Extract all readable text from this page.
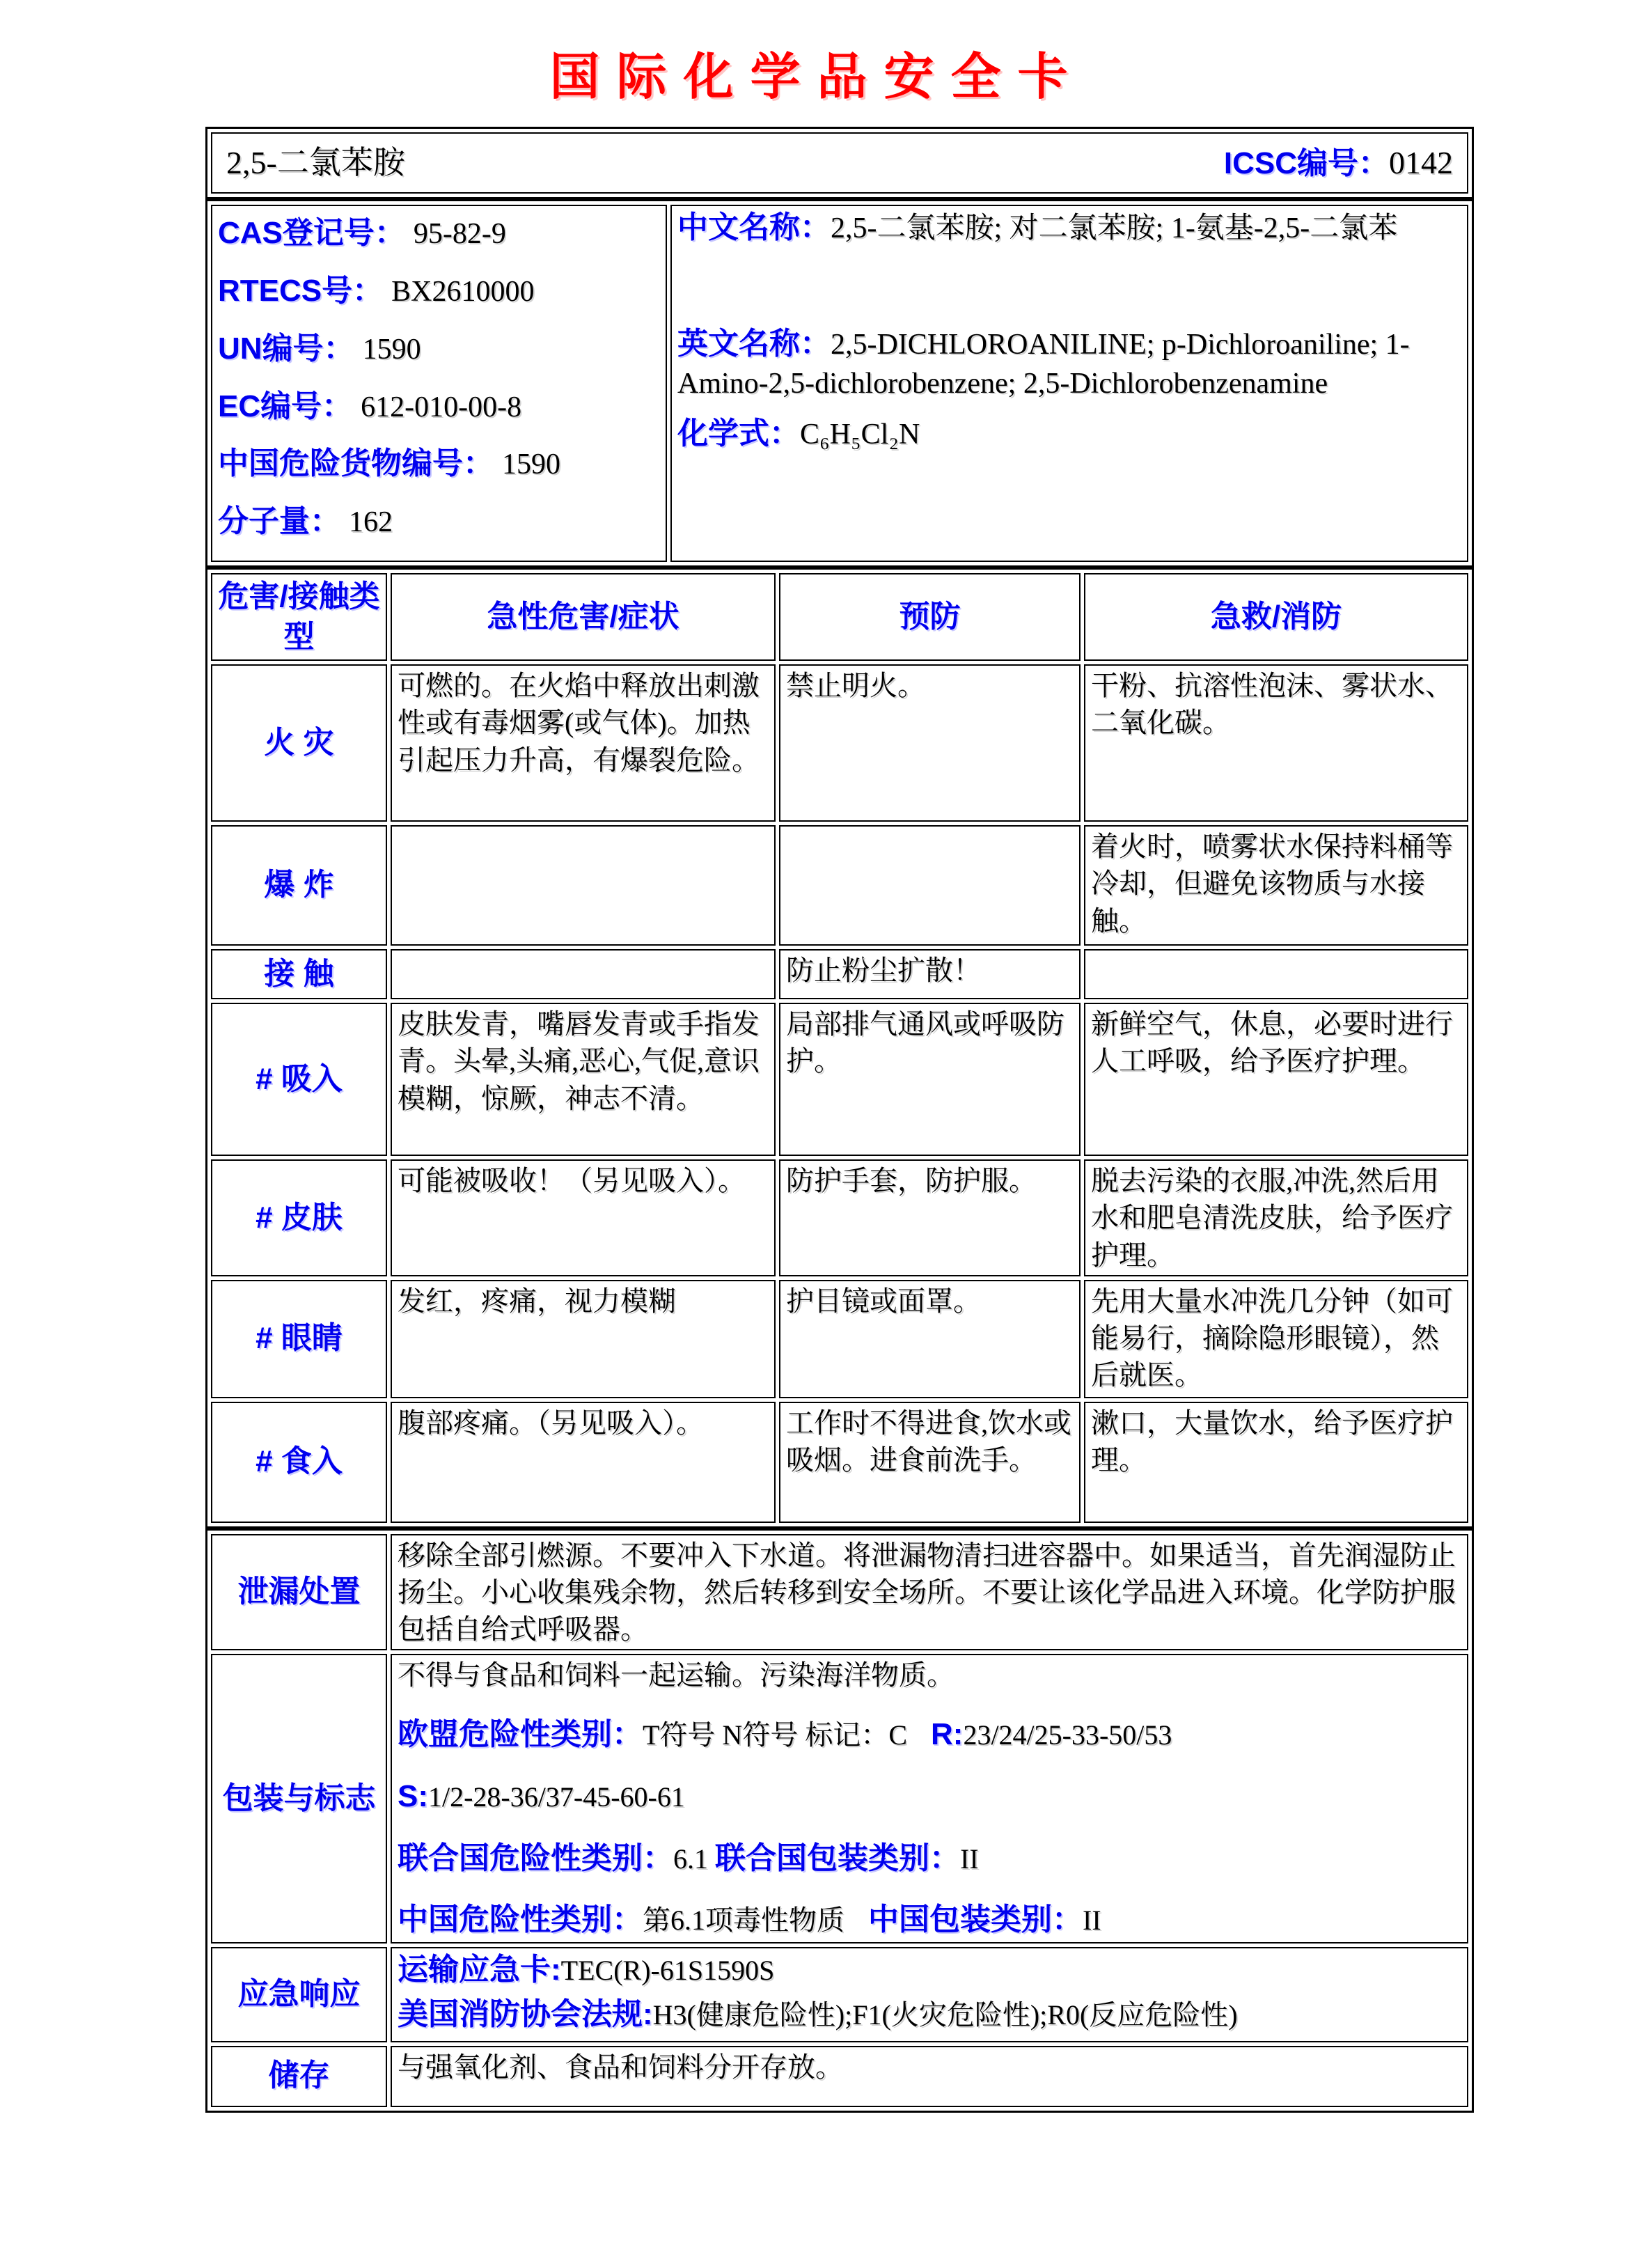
国际化学品安全卡
2,5-二氯苯胺	ICSC编号：0142
CAS登记号： 95-82-9
RTECS号： BX2610000
UN编号： 1590
EC编号： 612-010-00-8
中国危险货物编号： 1590
分子量： 162

中文名称：2,5-二氯苯胺; 对二氯苯胺; 1-氨基-2,5-二氯苯
英文名称：2,5-DICHLOROANILINE; p-Dichloroaniline; 1-Amino-2,5-dichlorobenzene; 2,5-Dichlorobenzenamine
化学式：C₆H₅Cl₂N
危害/接触类型	急性危害/症状	预防	急救/消防
火 灾	可燃的。在火焰中释放出刺激性或有毒烟雾(或气体)。加热引起压力升高，有爆裂危险。	禁止明火。	干粉、抗溶性泡沫、雾状水、二氧化碳。
爆 炸			着火时，喷雾状水保持料桶等冷却，但避免该物质与水接触。
接 触		防止粉尘扩散！	
# 吸入	皮肤发青，嘴唇发青或手指发青。头晕,头痛,恶心,气促,意识模糊，惊厥，神志不清。	局部排气通风或呼吸防护。	新鲜空气，休息，必要时进行人工呼吸，给予医疗护理。
# 皮肤	可能被吸收！（另见吸入）。	防护手套，防护服。	脱去污染的衣服,冲洗,然后用水和肥皂清洗皮肤，给予医疗护理。
# 眼睛	发红，疼痛，视力模糊	护目镜或面罩。	先用大量水冲洗几分钟（如可能易行，摘除隐形眼镜），然后就医。
# 食入	腹部疼痛。（另见吸入）。	工作时不得进食,饮水或吸烟。进食前洗手。	漱口，大量饮水，给予医疗护理。
泄漏处置	移除全部引燃源。不要冲入下水道。将泄漏物清扫进容器中。如果适当，首先润湿防止扬尘。小心收集残余物，然后转移到安全场所。不要让该化学品进入环境。化学防护服包括自给式呼吸器。
包装与标志	不得与食品和饲料一起运输。污染海洋物质。
欧盟危险性类别：T符号 N符号 标记：C R:23/24/25-33-50/53
S:1/2-28-36/37-45-60-61
联合国危险性类别：6.1 联合国包装类别：II
中国危险性类别：第6.1项毒性物质 中国包装类别：II

应急响应	运输应急卡:TEC(R)-61S1590S
美国消防协会法规:H3(健康危险性);F1(火灾危险性);R0(反应危险性)

储存	与强氧化剂、食品和饲料分开存放。
